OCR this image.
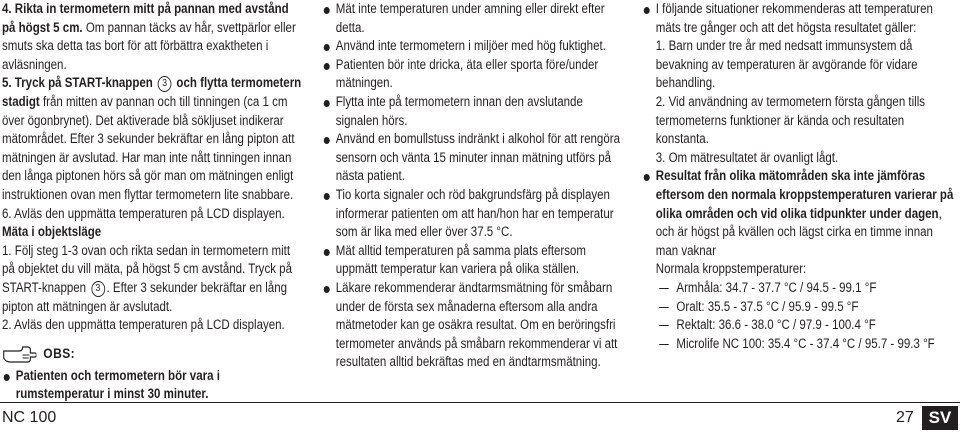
4. Rikta in termometern mitt på pannan med avstånd på högst 5 cm. Om pannan täcks av hår, svettpärlor eller smuts ska detta tas bort för att förbättra exaktheten i avläsningen.

5. Tryck på START-knappen 3 och flytta termometern stadigt från mitten av pannan och till tinningen (ca 1 cm över ögonbrynet). Det aktiverade blå sökljuset indikerar mätområdet. Efter 3 sekunder bekräftar en lång pipton att mätningen är avslutad. Har man inte nått tinningen innan den långa piptonen hörs så gör man om mätningen enligt instruktionen ovan men flyttar termometern lite snabbare.

6. Avläs den uppmätta temperaturen på LCD displayen.

Mäta i objektsläge

1. Följ steg 1-3 ovan och rikta sedan in termometern mitt på objektet du vill mäta, på högst 5 cm avstånd. Tryck på START-knappen 3 . Efter 3 sekunder bekräftar en lång pipton att mätningen är avslutadt.

2. Avläs den uppmätta temperaturen på LCD displayen.

OBS:

Patienten och termometern bör vara i rumstemperatur i minst 30 minuter.

Mät inte temperaturen under amning eller direkt efter detta.

Använd inte termometern i miljöer med hög fuktighet.

Patienten bör inte dricka, äta eller sporta före/under mätningen.

Flytta inte på termometern innan den avslutande signalen hörs.

Använd en bomullstuss indränkt i alkohol för att rengöra sensorn och vänta 15 minuter innan mätning utförs på nästa patient.

Tio korta signaler och röd bakgrundsfärg på displayen informerar patienten om att han/hon har en temperatur som är lika med eller över 37.5 °C.

Mät alltid temperaturen på samma plats eftersom uppmätt temperatur kan variera på olika ställen.

Läkare rekommenderar ändtarmsmätning för småbarn under de första sex månaderna eftersom alla andra mätmetoder kan ge osäkra resultat. Om en beröringsfri termometer används på småbarn rekommenderar vi att resultaten alltid bekräftas med en ändtarmsmätning.

I följande situationer rekommenderas att temperaturen mäts tre gånger och att det högsta resultatet gäller:

1. Barn under tre år med nedsatt immunsystem då bevakning av temperaturen är avgörande för vidare behandling.

2. Vid användning av termometern första gången tills termometerns funktioner är kända och resultaten konstanta.

3. Om mätresultatet är ovanligt lågt.

Resultat från olika mätområden ska inte jämföras eftersom den normala kroppstemperaturen varierar på olika områden och vid olika tidpunkter under dagen, och är högst på kvällen och lägst cirka en timme innan man vaknar

Normala kroppstemperaturer:

Armhåla: 34.7 - 37.7 °C / 94.5 - 99.1 °F

Oralt: 35.5 - 37.5 °C / 95.9 - 99.5 °F

Rektalt: 36.6 - 38.0 °C / 97.9 - 100.4 °F

Microlife NC 100: 35.4 °C - 37.4 °C / 95.7 - 99.3 °F

NC 100	27 SV
